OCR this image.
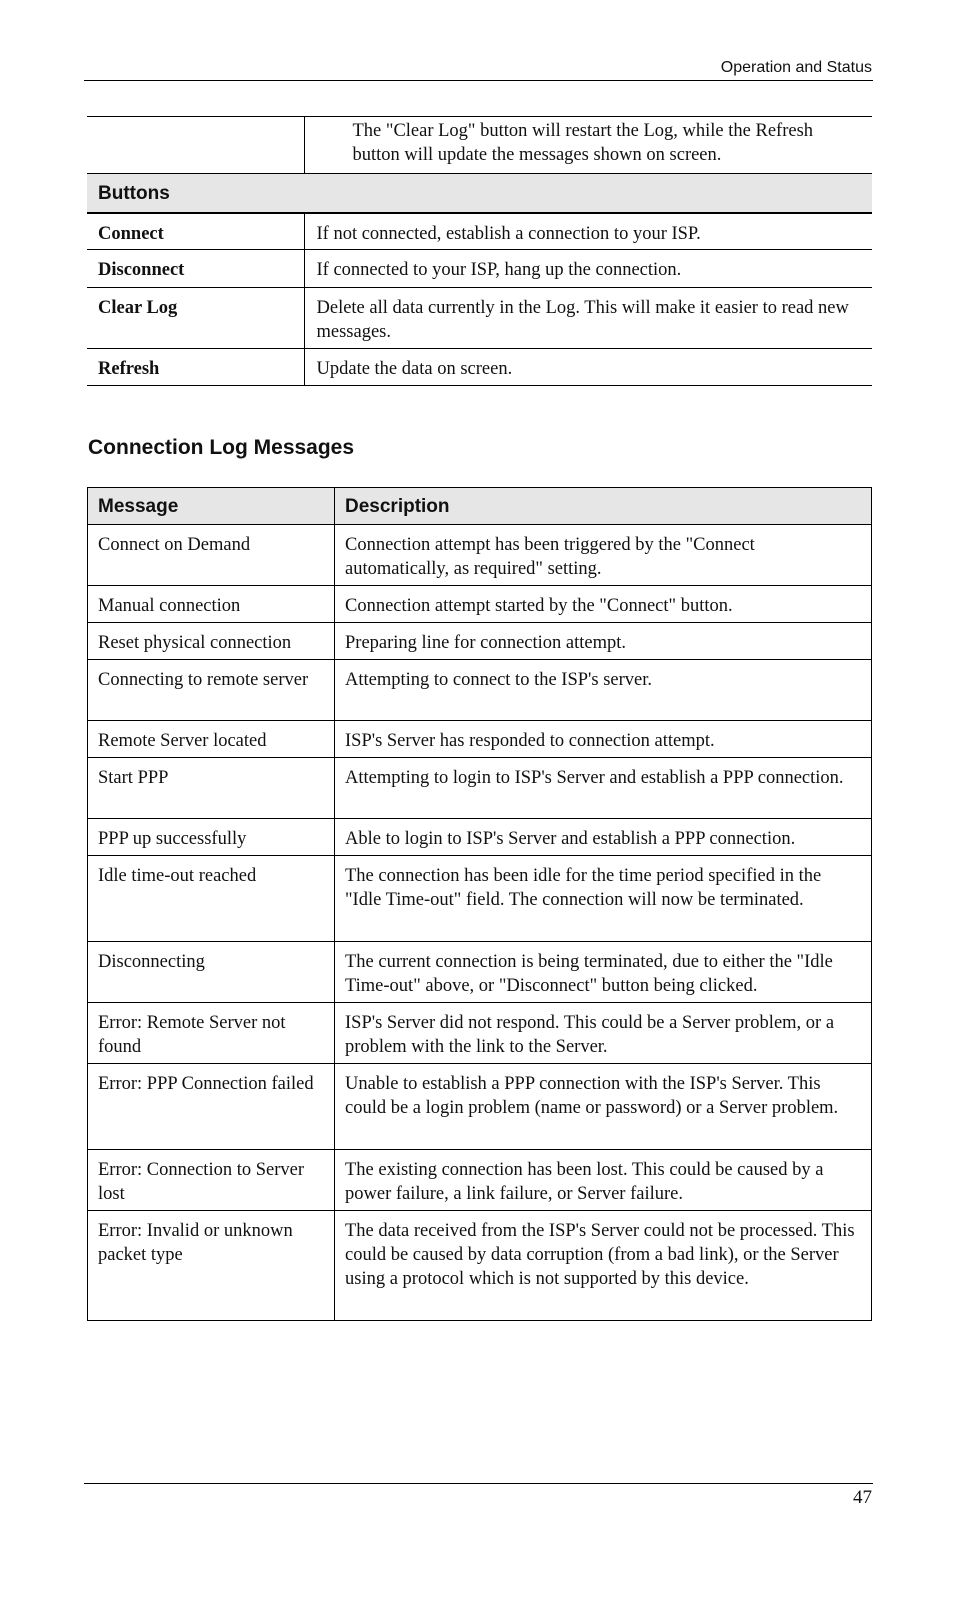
Operation and Status
	The "Clear Log" button will restart the Log, while the Refresh button will update the messages shown on screen.
Buttons	
Connect	If not connected, establish a connection to your ISP.
Disconnect	If connected to your ISP, hang up the connection.
Clear Log	Delete all data currently in the Log. This will make it easier to read new messages.
Refresh	Update the data on screen.
Connection Log Messages
Message	Description
Connect on Demand	Connection attempt has been triggered by the "Connect automatically, as required" setting.
Manual connection	Connection attempt started by the "Connect" button.
Reset physical connection	Preparing line for connection attempt.
Connecting to remote server	Attempting to connect to the ISP's server.
Remote Server located	ISP's Server has responded to connection attempt.
Start PPP	Attempting to login to ISP's Server and establish a PPP connection.
PPP up successfully	Able to login to ISP's Server and establish a PPP connection.
Idle time-out reached	The connection has been idle for the time period specified in the "Idle Time-out" field. The connection will now be terminated.
Disconnecting	The current connection is being terminated, due to either the "Idle Time-out" above, or "Disconnect" button being clicked.
Error: Remote Server not found	ISP's Server did not respond. This could be a Server problem, or a problem with the link to the Server.
Error: PPP Connection failed	Unable to establish a PPP connection with the ISP's Server. This could be a login problem (name or password) or a Server problem.
Error: Connection to Server lost	The existing connection has been lost. This could be caused by a power failure, a link failure, or Server failure.
Error: Invalid or unknown packet type	The data received from the ISP's Server could not be processed. This could be caused by data corruption (from a bad link), or the Server using a protocol which is not supported by this device.
47
